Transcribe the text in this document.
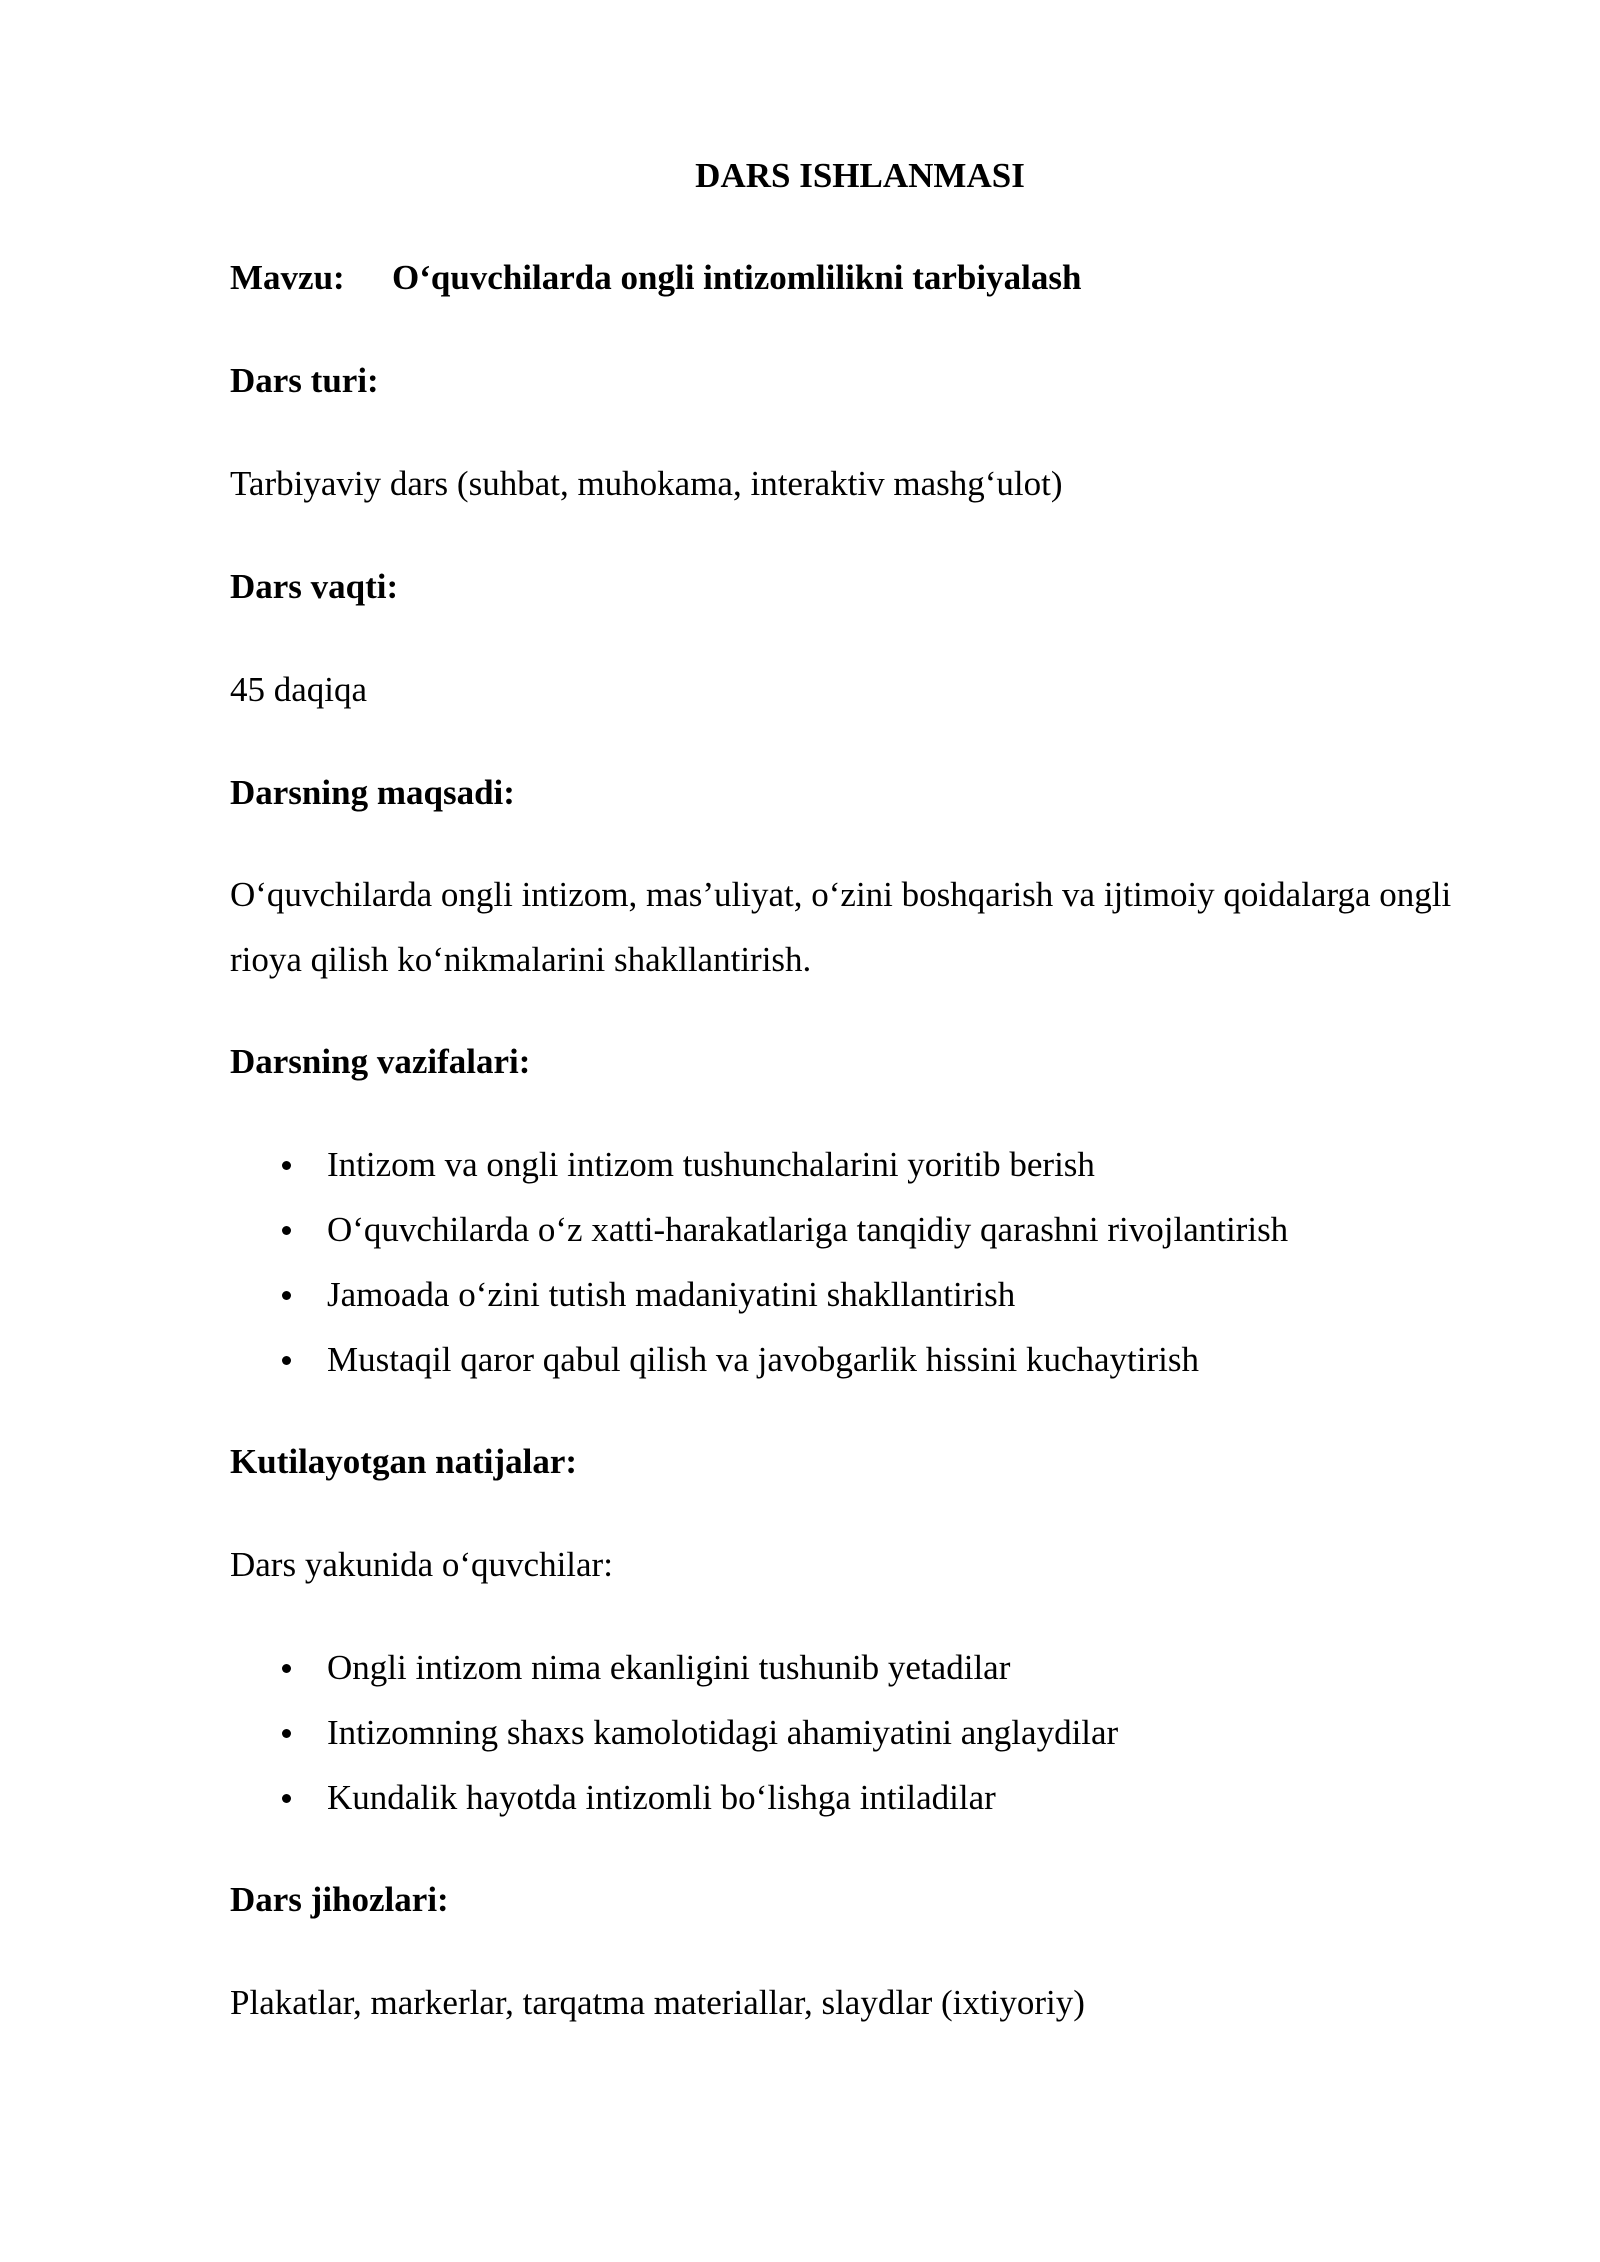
DARS ISHLANMASI

Mavzu: O‘quvchilarda ongli intizomlilikni tarbiyalash

Dars turi:

Tarbiyaviy dars (suhbat, muhokama, interaktiv mashg‘ulot)

Dars vaqti:

45 daqiqa

Darsning maqsadi:

O‘quvchilarda ongli intizom, mas’uliyat, o‘zini boshqarish va ijtimoiy qoidalarga ongli rioya qilish ko‘nikmalarini shakllantirish.

Darsning vazifalari:

Intizom va ongli intizom tushunchalarini yoritib berish
O‘quvchilarda o‘z xatti-harakatlariga tanqidiy qarashni rivojlantirish
Jamoada o‘zini tutish madaniyatini shakllantirish
Mustaqil qaror qabul qilish va javobgarlik hissini kuchaytirish

Kutilayotgan natijalar:

Dars yakunida o‘quvchilar:

Ongli intizom nima ekanligini tushunib yetadilar
Intizomning shaxs kamolotidagi ahamiyatini anglaydilar
Kundalik hayotda intizomli bo‘lishga intiladilar

Dars jihozlari:

Plakatlar, markerlar, tarqatma materiallar, slaydlar (ixtiyoriy)
